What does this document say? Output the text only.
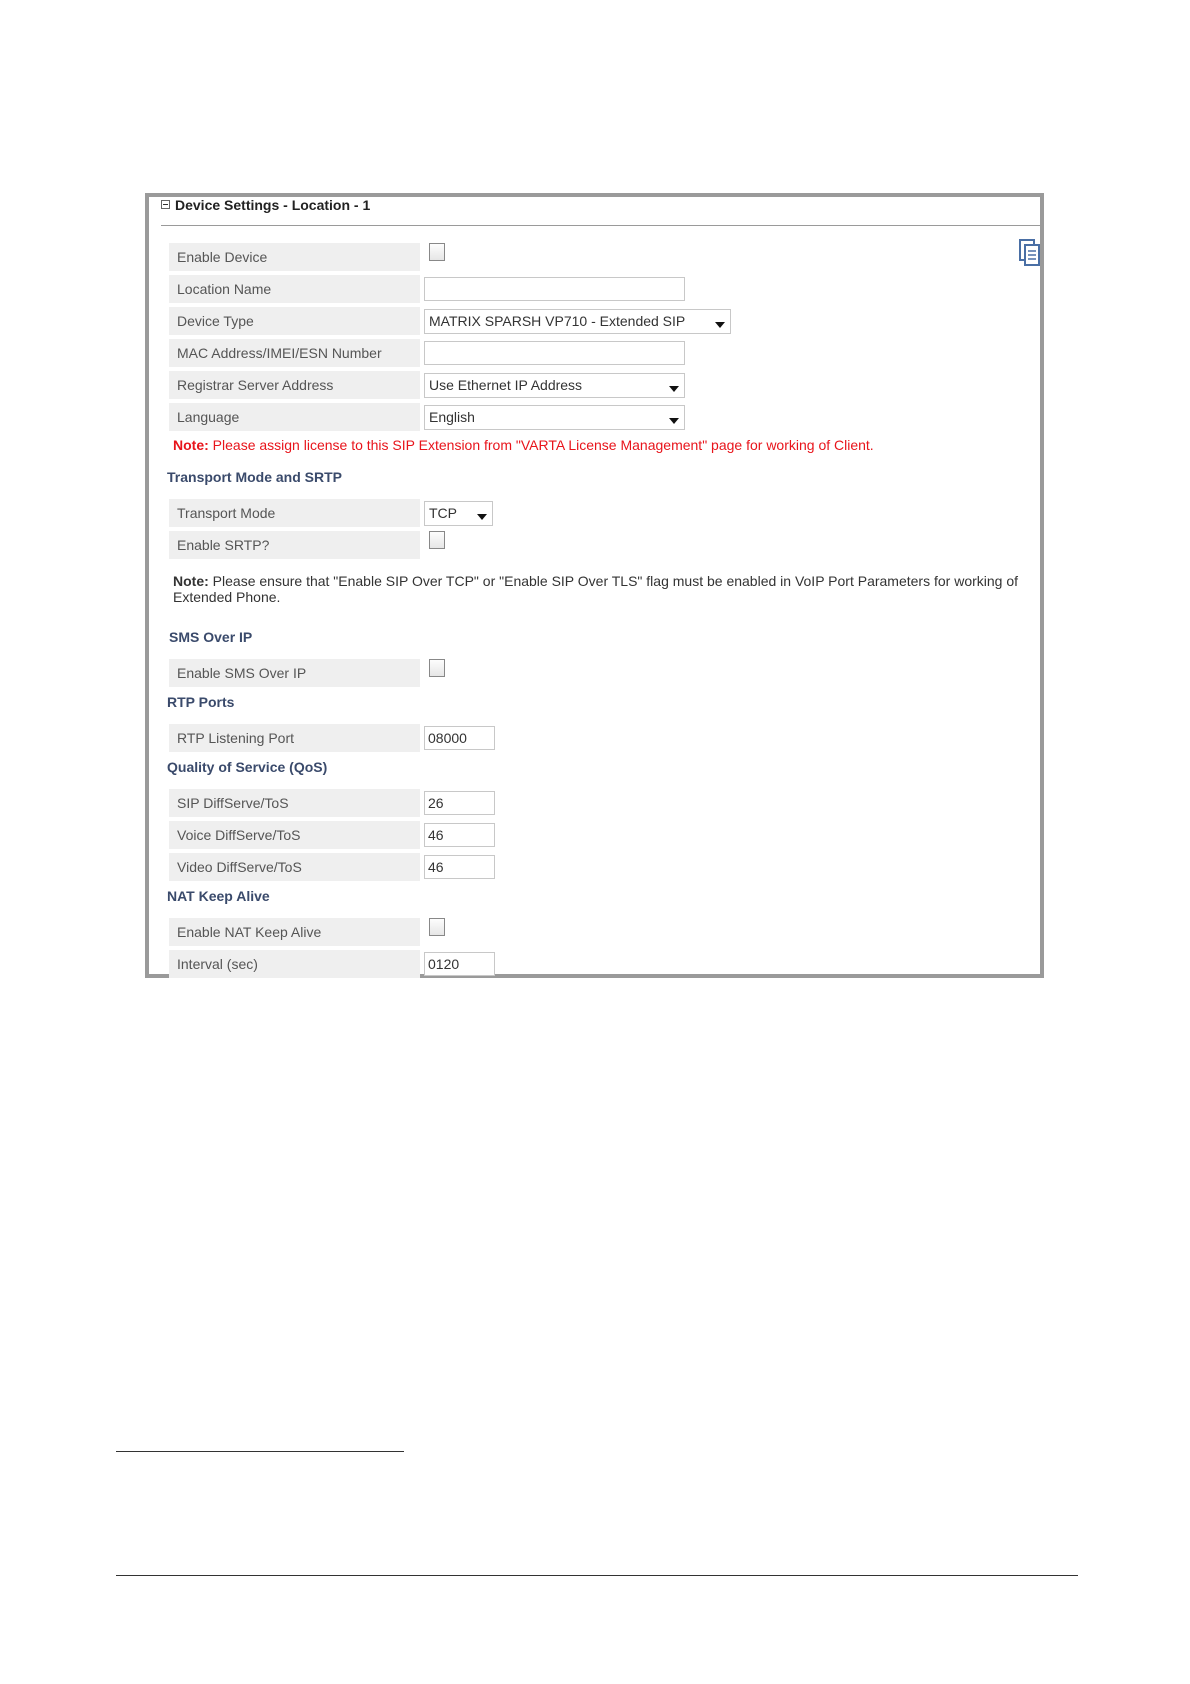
Device Settings - Location - 1
Enable Device
Location Name
Device Type	MATRIX SPARSH VP710 - Extended SIP
MAC Address/IMEI/ESN Number
Registrar Server Address	Use Ethernet IP Address
Language	English
Note: Please assign license to this SIP Extension from "VARTA License Management" page for working of Client.
Transport Mode and SRTP
Transport Mode	TCP
Enable SRTP?
Note: Please ensure that "Enable SIP Over TCP" or "Enable SIP Over TLS" flag must be enabled in VoIP Port Parameters for working of Extended Phone.
SMS Over IP
Enable SMS Over IP
RTP Ports
RTP Listening Port	08000
Quality of Service (QoS)
SIP DiffServe/ToS	26
Voice DiffServe/ToS	46
Video DiffServe/ToS	46
NAT Keep Alive
Enable NAT Keep Alive
Interval (sec)	0120
